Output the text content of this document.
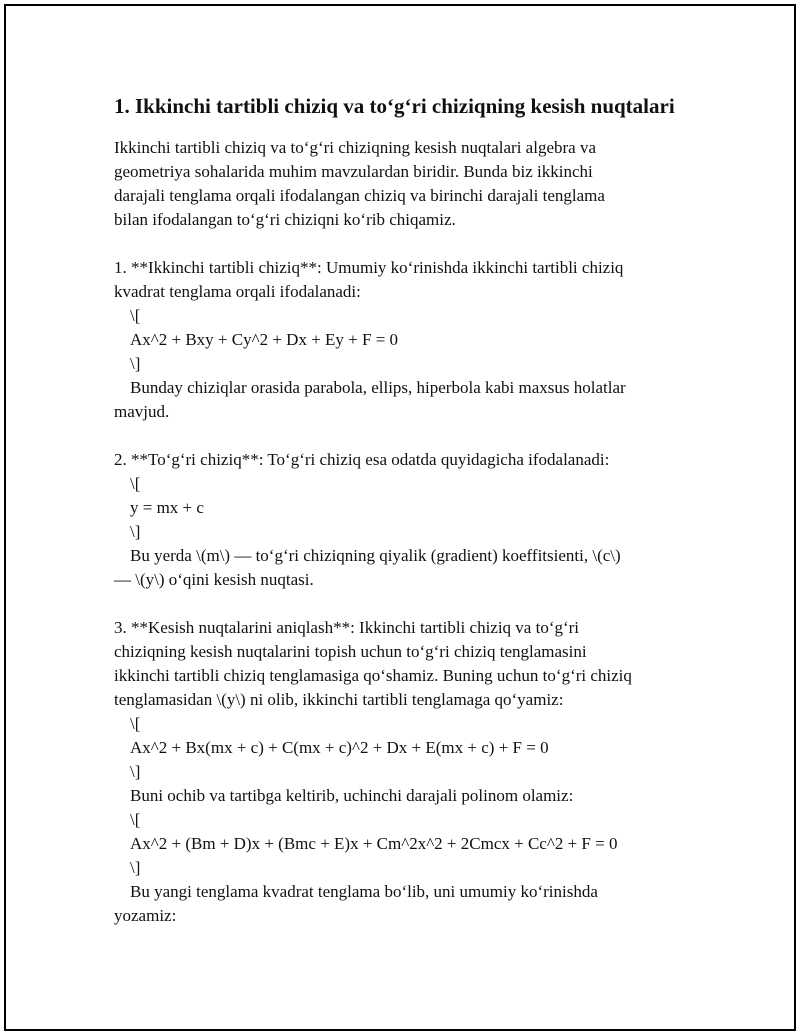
1. Ikkinchi tartibli chiziq va to‘g‘ri chiziqning kesish nuqtalari
Ikkinchi tartibli chiziq va to‘g‘ri chiziqning kesish nuqtalari algebra va
geometriya sohalarida muhim mavzulardan biridir. Bunda biz ikkinchi
darajali tenglama orqali ifodalangan chiziq va birinchi darajali tenglama
bilan ifodalangan to‘g‘ri chiziqni ko‘rib chiqamiz.
1. **Ikkinchi tartibli chiziq**: Umumiy ko‘rinishda ikkinchi tartibli chiziq
kvadrat tenglama orqali ifodalanadi:
\[
Ax^2 + Bxy + Cy^2 + Dx + Ey + F = 0
\]
Bunday chiziqlar orasida parabola, ellips, hiperbola kabi maxsus holatlar
mavjud.
2. **To‘g‘ri chiziq**: To‘g‘ri chiziq esa odatda quyidagicha ifodalanadi:
\[
y = mx + c
\]
Bu yerda \(m\) — to‘g‘ri chiziqning qiyalik (gradient) koeffitsienti, \(c\)
— \(y\) o‘qini kesish nuqtasi.
3. **Kesish nuqtalarini aniqlash**: Ikkinchi tartibli chiziq va to‘g‘ri
chiziqning kesish nuqtalarini topish uchun to‘g‘ri chiziq tenglamasini
ikkinchi tartibli chiziq tenglamasiga qo‘shamiz. Buning uchun to‘g‘ri chiziq
tenglamasidan \(y\) ni olib, ikkinchi tartibli tenglamaga qo‘yamiz:
\[
Ax^2 + Bx(mx + c) + C(mx + c)^2 + Dx + E(mx + c) + F = 0
\]
Buni ochib va tartibga keltirib, uchinchi darajali polinom olamiz:
\[
Ax^2 + (Bm + D)x + (Bmc + E)x + Cm^2x^2 + 2Cmcx + Cc^2 + F = 0
\]
Bu yangi tenglama kvadrat tenglama bo‘lib, uni umumiy ko‘rinishda
yozamiz:
